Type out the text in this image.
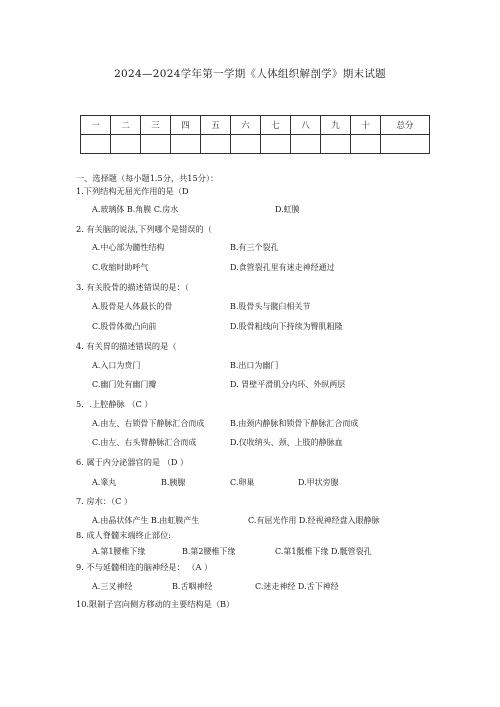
2024—2024学年第一学期《人体组织解剖学》期末试题
一	二	三	四	五	六	七	八	九	十	总分

一、选择题（每小题1.5分，共15分）：
1.下列结构无屈光作用的是（D
A.玻璃体 B.角膜 C.房水	D.虹膜
2. 有关脑的说法,下列哪个是错误的（
A.中心部为髓性结构	B.有三个裂孔
C.收缩时助呼气	D.食管裂孔里有迷走神经通过
3. 有关股骨的描述错误的是：（
A.股骨是人体最长的骨	B.股骨头与髋臼相关节
C.股骨体微凸向前	D.股骨粗线向下持续为臀肌粗隆
4. 有关胃的描述错误的是（
A.入口为贲门	B.出口为幽门
C.幽门处有幽门瓣	D. 胃壁平滑肌分内环、外纵两层
5．.上腔静脉 （C ）
A.由左、右锁骨下静脉汇合而成	B.由颈内静脉和锁骨下静脉汇合而成
C.由左、右头臂静脉汇合而成	D.仅收纳头、颈、上肢的静脉血
6. 属于内分泌器官的是 （D ）
A.睾丸	B.胰腺	C.卵巢	D.甲状旁腺
7. 房水：（C ）
A.由晶状体产生 B.由虹膜产生	C.有屈光作用 D.经视神经盘入眼静脉
8. 成人脊髓末端终止部位:
A.第1腰椎下缘	B.第2腰椎下缘	C.第1骶椎下缘 D.骶管裂孔
9. 不与延髓相连的脑神经是： （A ）
A.三叉神经	B.舌咽神经	C.迷走神经 D.舌下神经
10.限制子宫向侧方移动的主要结构是（B）
